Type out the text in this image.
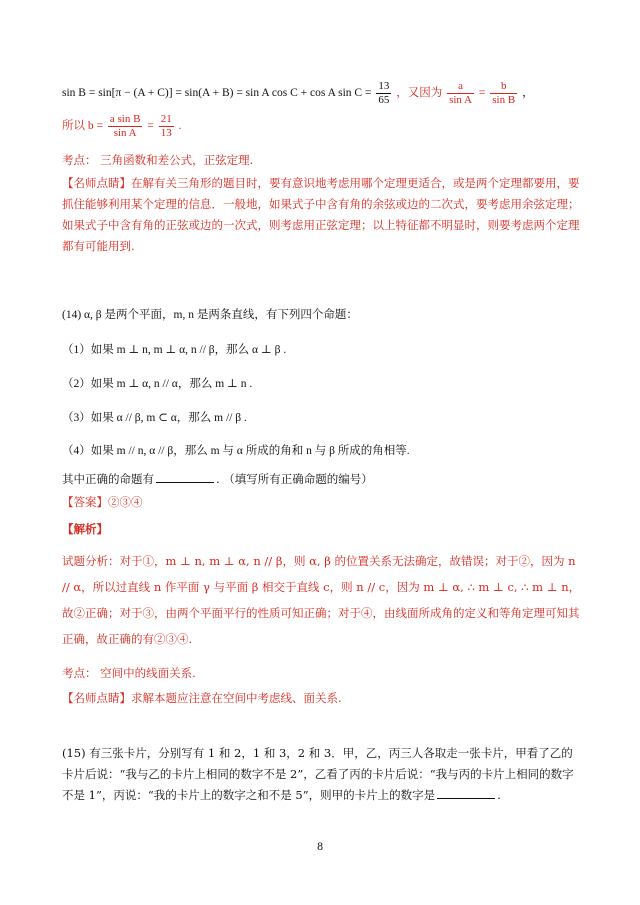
sin B = sin[π − (A + C)] = sin(A + B) = sin A cos C + cos A $\sin C = \frac{13}{65}$ ，又因为 $\frac{a}{\text{sin A}} = \frac{b}{\text{sin B}}$ ，
所以 $b = \frac{\text{a sin B}}{\text{sin A}} = \frac{21}{13}$ .
考点： 三角函数和差公式，正弦定理.
【名师点睛】在解有关三角形的题目时，要有意识地考虑用哪个定理更适合，或是两个定理都要用，要抓住能够利用某个定理的信息．一般地，如果式子中含有角的余弦或边的二次式，要考虑用余弦定理；如果式子中含有角的正弦或边的一次式，则考虑用正弦定理；以上特征都不明显时，则要考虑两个定理都有可能用到.
(14) α, β 是两个平面，m, n 是两条直线，有下列四个命题：
（1）如果 m ⊥ n, m ⊥ α, n // β，那么 α ⊥ β .
（2）如果 m ⊥ α, n // α，那么 m ⊥ n .
（3）如果 α // β, m ⊂ α，那么 m // β .
（4）如果 m // n, α // β，那么 m 与 α 所成的角和 n 与 β 所成的角相等.
其中正确的命题有	. （填写所有正确命题的编号）
【答案】②③④
【解析】
试题分析：对于①，m ⊥ n, m ⊥ α, n // β，则 α, β 的位置关系无法确定，故错误；对于②，因为 n // α，所以过直线 n 作平面 γ 与平面 β 相交于直线 c，则 n // c，因为 m ⊥ α, ∴ m ⊥ c, ∴ m ⊥ n，故②正确；对于③，由两个平面平行的性质可知正确；对于④，由线面所成角的定义和等角定理可知其正确，故正确的有②③④.
考点： 空间中的线面关系.
【名师点睛】求解本题应注意在空间中考虑线、面关系.
(15) 有三张卡片，分别写有 1 和 2，1 和 3，2 和 3．甲，乙，丙三人各取走一张卡片，甲看了乙的卡片后说：“我与乙的卡片上相同的数字不是 2”，乙看了丙的卡片后说：“我与丙的卡片上相同的数字不是 1”，丙说：“我的卡片上的数字之和不是 5”，则甲的卡片上的数字是	.
8
